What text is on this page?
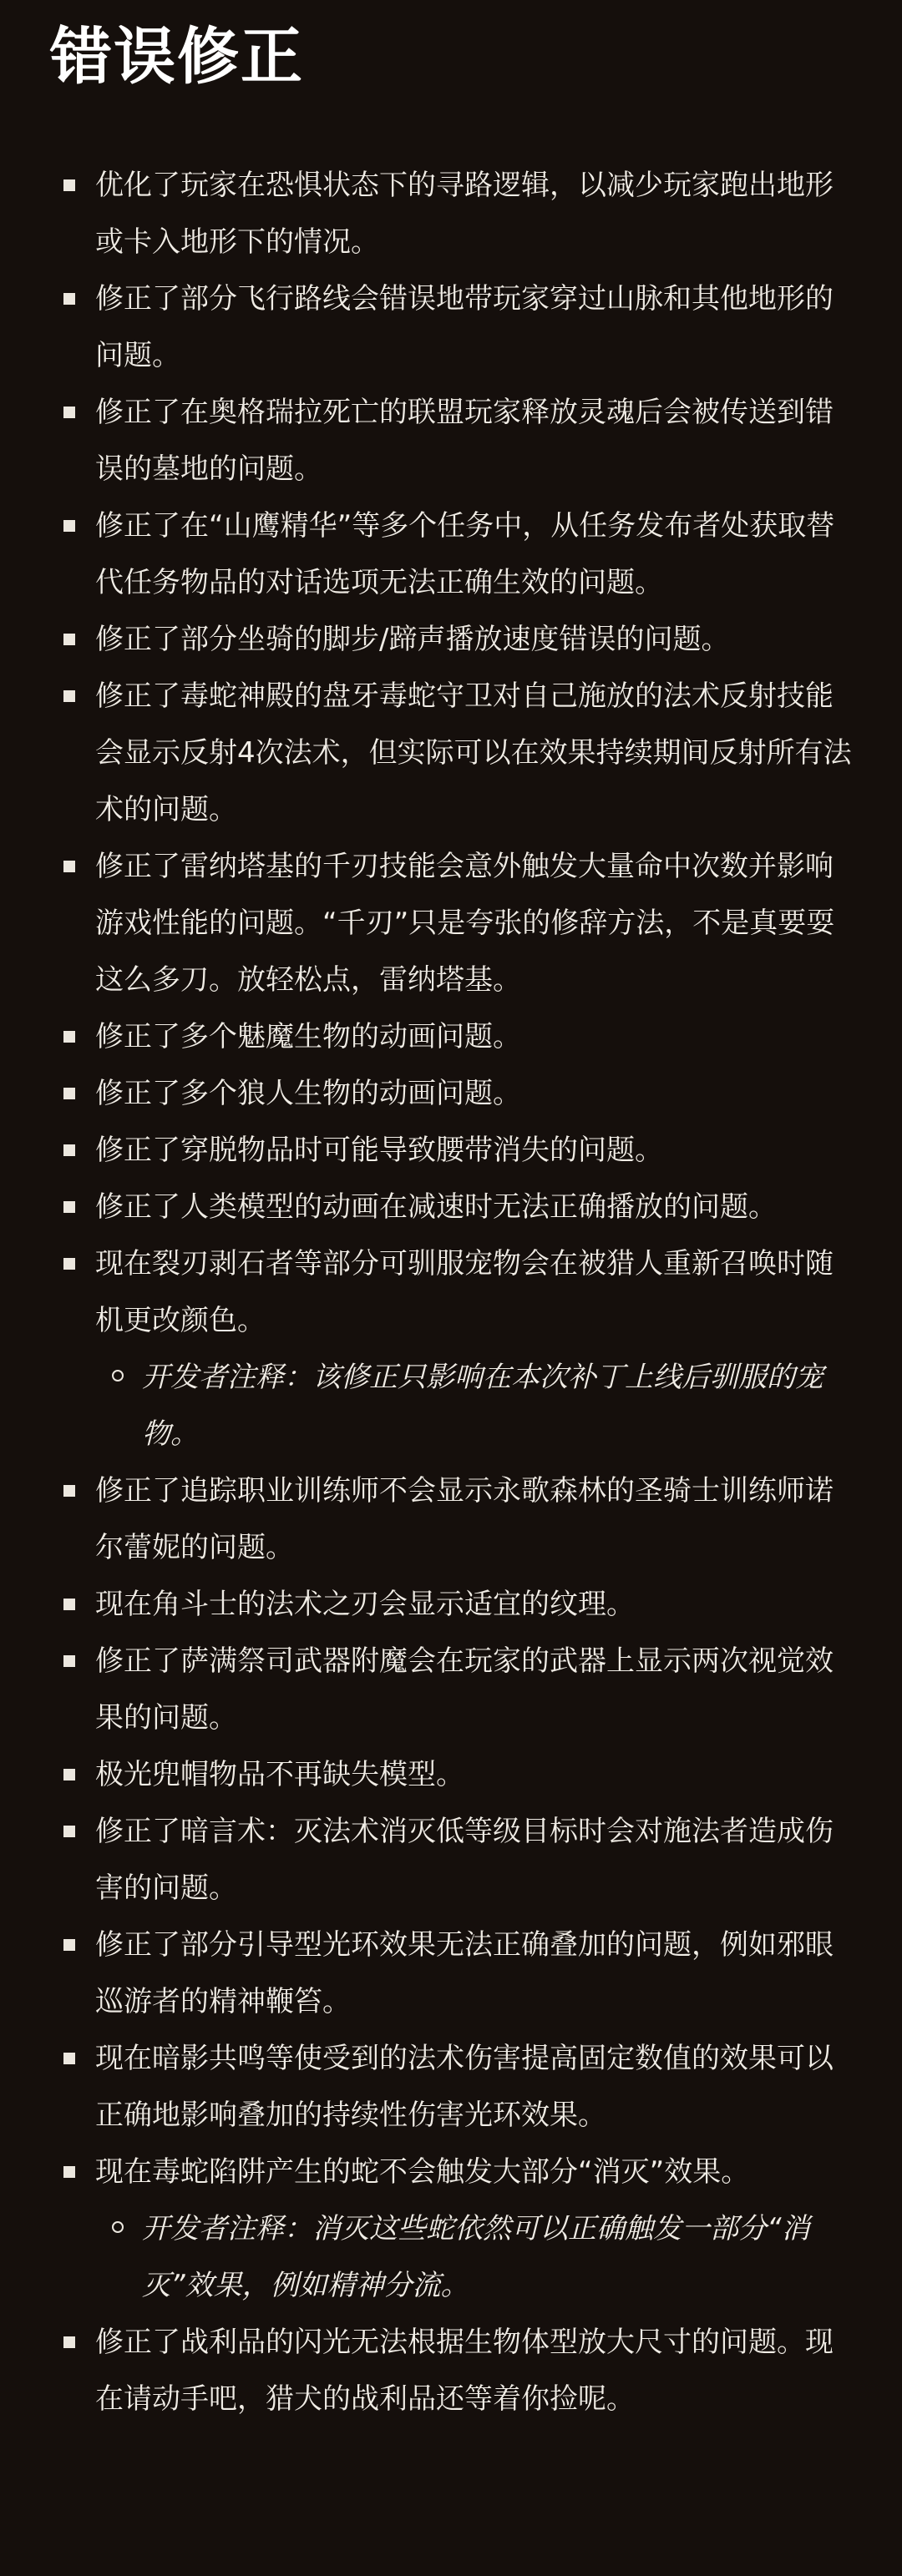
错误修正
优化了玩家在恐惧状态下的寻路逻辑，以减少玩家跑出地形或卡入地形下的情况。
修正了部分飞行路线会错误地带玩家穿过山脉和其他地形的问题。
修正了在奥格瑞拉死亡的联盟玩家释放灵魂后会被传送到错误的墓地的问题。
修正了在“山鹰精华”等多个任务中，从任务发布者处获取替代任务物品的对话选项无法正确生效的问题。
修正了部分坐骑的脚步/蹄声播放速度错误的问题。
修正了毒蛇神殿的盘牙毒蛇守卫对自己施放的法术反射技能会显示反射4次法术，但实际可以在效果持续期间反射所有法术的问题。
修正了雷纳塔基的千刃技能会意外触发大量命中次数并影响游戏性能的问题。“千刃”只是夸张的修辞方法，不是真要耍这么多刀。放轻松点，雷纳塔基。
修正了多个魅魔生物的动画问题。
修正了多个狼人生物的动画问题。
修正了穿脱物品时可能导致腰带消失的问题。
修正了人类模型的动画在减速时无法正确播放的问题。
现在裂刃剥石者等部分可驯服宠物会在被猎人重新召唤时随机更改颜色。
开发者注释：该修正只影响在本次补丁上线后驯服的宠物。
修正了追踪职业训练师不会显示永歌森林的圣骑士训练师诺尔蕾妮的问题。
现在角斗士的法术之刃会显示适宜的纹理。
修正了萨满祭司武器附魔会在玩家的武器上显示两次视觉效果的问题。
极光兜帽物品不再缺失模型。
修正了暗言术：灭法术消灭低等级目标时会对施法者造成伤害的问题。
修正了部分引导型光环效果无法正确叠加的问题，例如邪眼巡游者的精神鞭笞。
现在暗影共鸣等使受到的法术伤害提高固定数值的效果可以正确地影响叠加的持续性伤害光环效果。
现在毒蛇陷阱产生的蛇不会触发大部分“消灭”效果。
开发者注释：消灭这些蛇依然可以正确触发一部分“消灭”效果，例如精神分流。
修正了战利品的闪光无法根据生物体型放大尺寸的问题。现在请动手吧，猎犬的战利品还等着你捡呢。
